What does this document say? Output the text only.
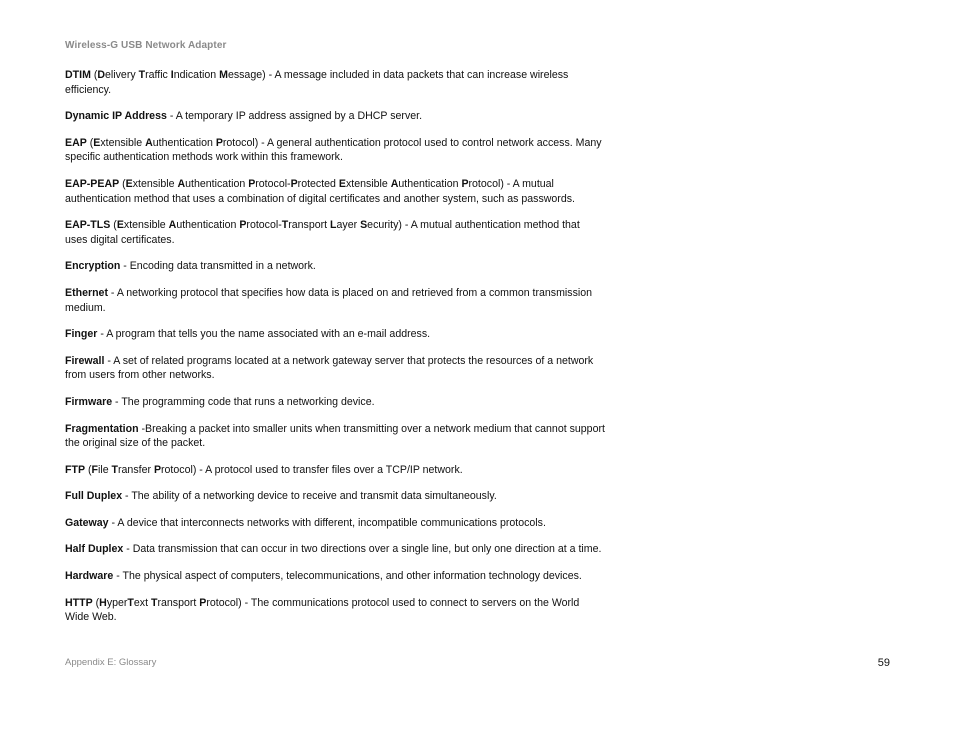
Wireless-G USB Network Adapter

DTIM (Delivery Traffic Indication Message) - A message included in data packets that can increase wireless efficiency.

Dynamic IP Address - A temporary IP address assigned by a DHCP server.

EAP (Extensible Authentication Protocol) - A general authentication protocol used to control network access. Many specific authentication methods work within this framework.

EAP-PEAP (Extensible Authentication Protocol-Protected Extensible Authentication Protocol) - A mutual authentication method that uses a combination of digital certificates and another system, such as passwords.

EAP-TLS (Extensible Authentication Protocol-Transport Layer Security) - A mutual authentication method that uses digital certificates.

Encryption - Encoding data transmitted in a network.

Ethernet - A networking protocol that specifies how data is placed on and retrieved from a common transmission medium.

Finger - A program that tells you the name associated with an e-mail address.

Firewall - A set of related programs located at a network gateway server that protects the resources of a network from users from other networks.

Firmware - The programming code that runs a networking device.

Fragmentation -Breaking a packet into smaller units when transmitting over a network medium that cannot support the original size of the packet.

FTP (File Transfer Protocol) - A protocol used to transfer files over a TCP/IP network.

Full Duplex - The ability of a networking device to receive and transmit data simultaneously.

Gateway - A device that interconnects networks with different, incompatible communications protocols.

Half Duplex - Data transmission that can occur in two directions over a single line, but only one direction at a time.

Hardware - The physical aspect of computers, telecommunications, and other information technology devices.

HTTP (HyperText Transport Protocol) - The communications protocol used to connect to servers on the World Wide Web.

Appendix E: Glossary	59
